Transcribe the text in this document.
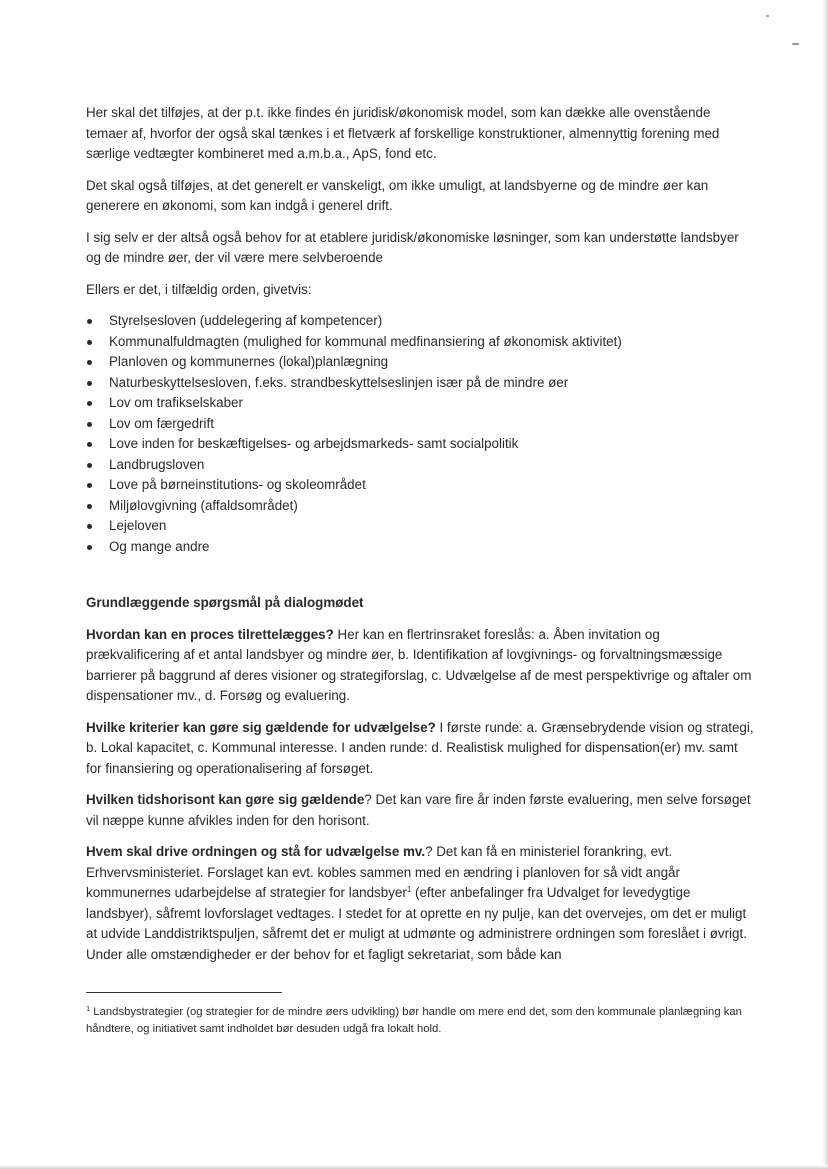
Her skal det tilføjes, at der p.t. ikke findes én juridisk/økonomisk model, som kan dække alle ovenstående temaer af, hvorfor der også skal tænkes i et fletværk af forskellige konstruktioner, almennyttig forening med særlige vedtægter kombineret med a.m.b.a., ApS, fond etc.

Det skal også tilføjes, at det generelt er vanskeligt, om ikke umuligt, at landsbyerne og de mindre øer kan generere en økonomi, som kan indgå i generel drift.

I sig selv er der altså også behov for at etablere juridisk/økonomiske løsninger, som kan understøtte landsbyer og de mindre øer, der vil være mere selvberoende

Ellers er det, i tilfældig orden, givetvis:

Styrelsesloven (uddelegering af kompetencer)
Kommunalfuldmagten (mulighed for kommunal medfinansiering af økonomisk aktivitet)
Planloven og kommunernes (lokal)planlægning
Naturbeskyttelsesloven, f.eks. strandbeskyttelseslinjen især på de mindre øer
Lov om trafikselskaber
Lov om færgedrift
Love inden for beskæftigelses- og arbejdsmarkeds- samt socialpolitik
Landbrugsloven
Love på børneinstitutions- og skoleområdet
Miljølovgivning (affaldsområdet)
Lejeloven
Og mange andre
Grundlæggende spørgsmål på dialogmødet

Hvordan kan en proces tilrettelægges? Her kan en flertrinsraket foreslås: a. Åben invitation og prækvalificering af et antal landsbyer og mindre øer, b. Identifikation af lovgivnings- og forvaltningsmæssige barrierer på baggrund af deres visioner og strategiforslag, c. Udvælgelse af de mest perspektivrige og aftaler om dispensationer mv., d. Forsøg og evaluering.

Hvilke kriterier kan gøre sig gældende for udvælgelse? I første runde: a. Grænsebrydende vision og strategi, b. Lokal kapacitet, c. Kommunal interesse. I anden runde: d. Realistisk mulighed for dispensation(er) mv. samt for finansiering og operationalisering af forsøget.

Hvilken tidshorisont kan gøre sig gældende? Det kan vare fire år inden første evaluering, men selve forsøget vil næppe kunne afvikles inden for den horisont.

Hvem skal drive ordningen og stå for udvælgelse mv.? Det kan få en ministeriel forankring, evt. Erhvervsministeriet. Forslaget kan evt. kobles sammen med en ændring i planloven for så vidt angår kommunernes udarbejdelse af strategier for landsbyer$^1$ (efter anbefalinger fra Udvalget for levedygtige landsbyer), såfremt lovforslaget vedtages. I stedet for at oprette en ny pulje, kan det overvejes, om det er muligt at udvide Landdistriktspuljen, såfremt det er muligt at udmønte og administrere ordningen som foreslået i øvrigt. Under alle omstændigheder er der behov for et fagligt sekretariat, som både kan

$^1$ Landsbystrategier (og strategier for de mindre øers udvikling) bør handle om mere end det, som den kommunale planlægning kan håndtere, og initiativet samt indholdet bør desuden udgå fra lokalt hold.
